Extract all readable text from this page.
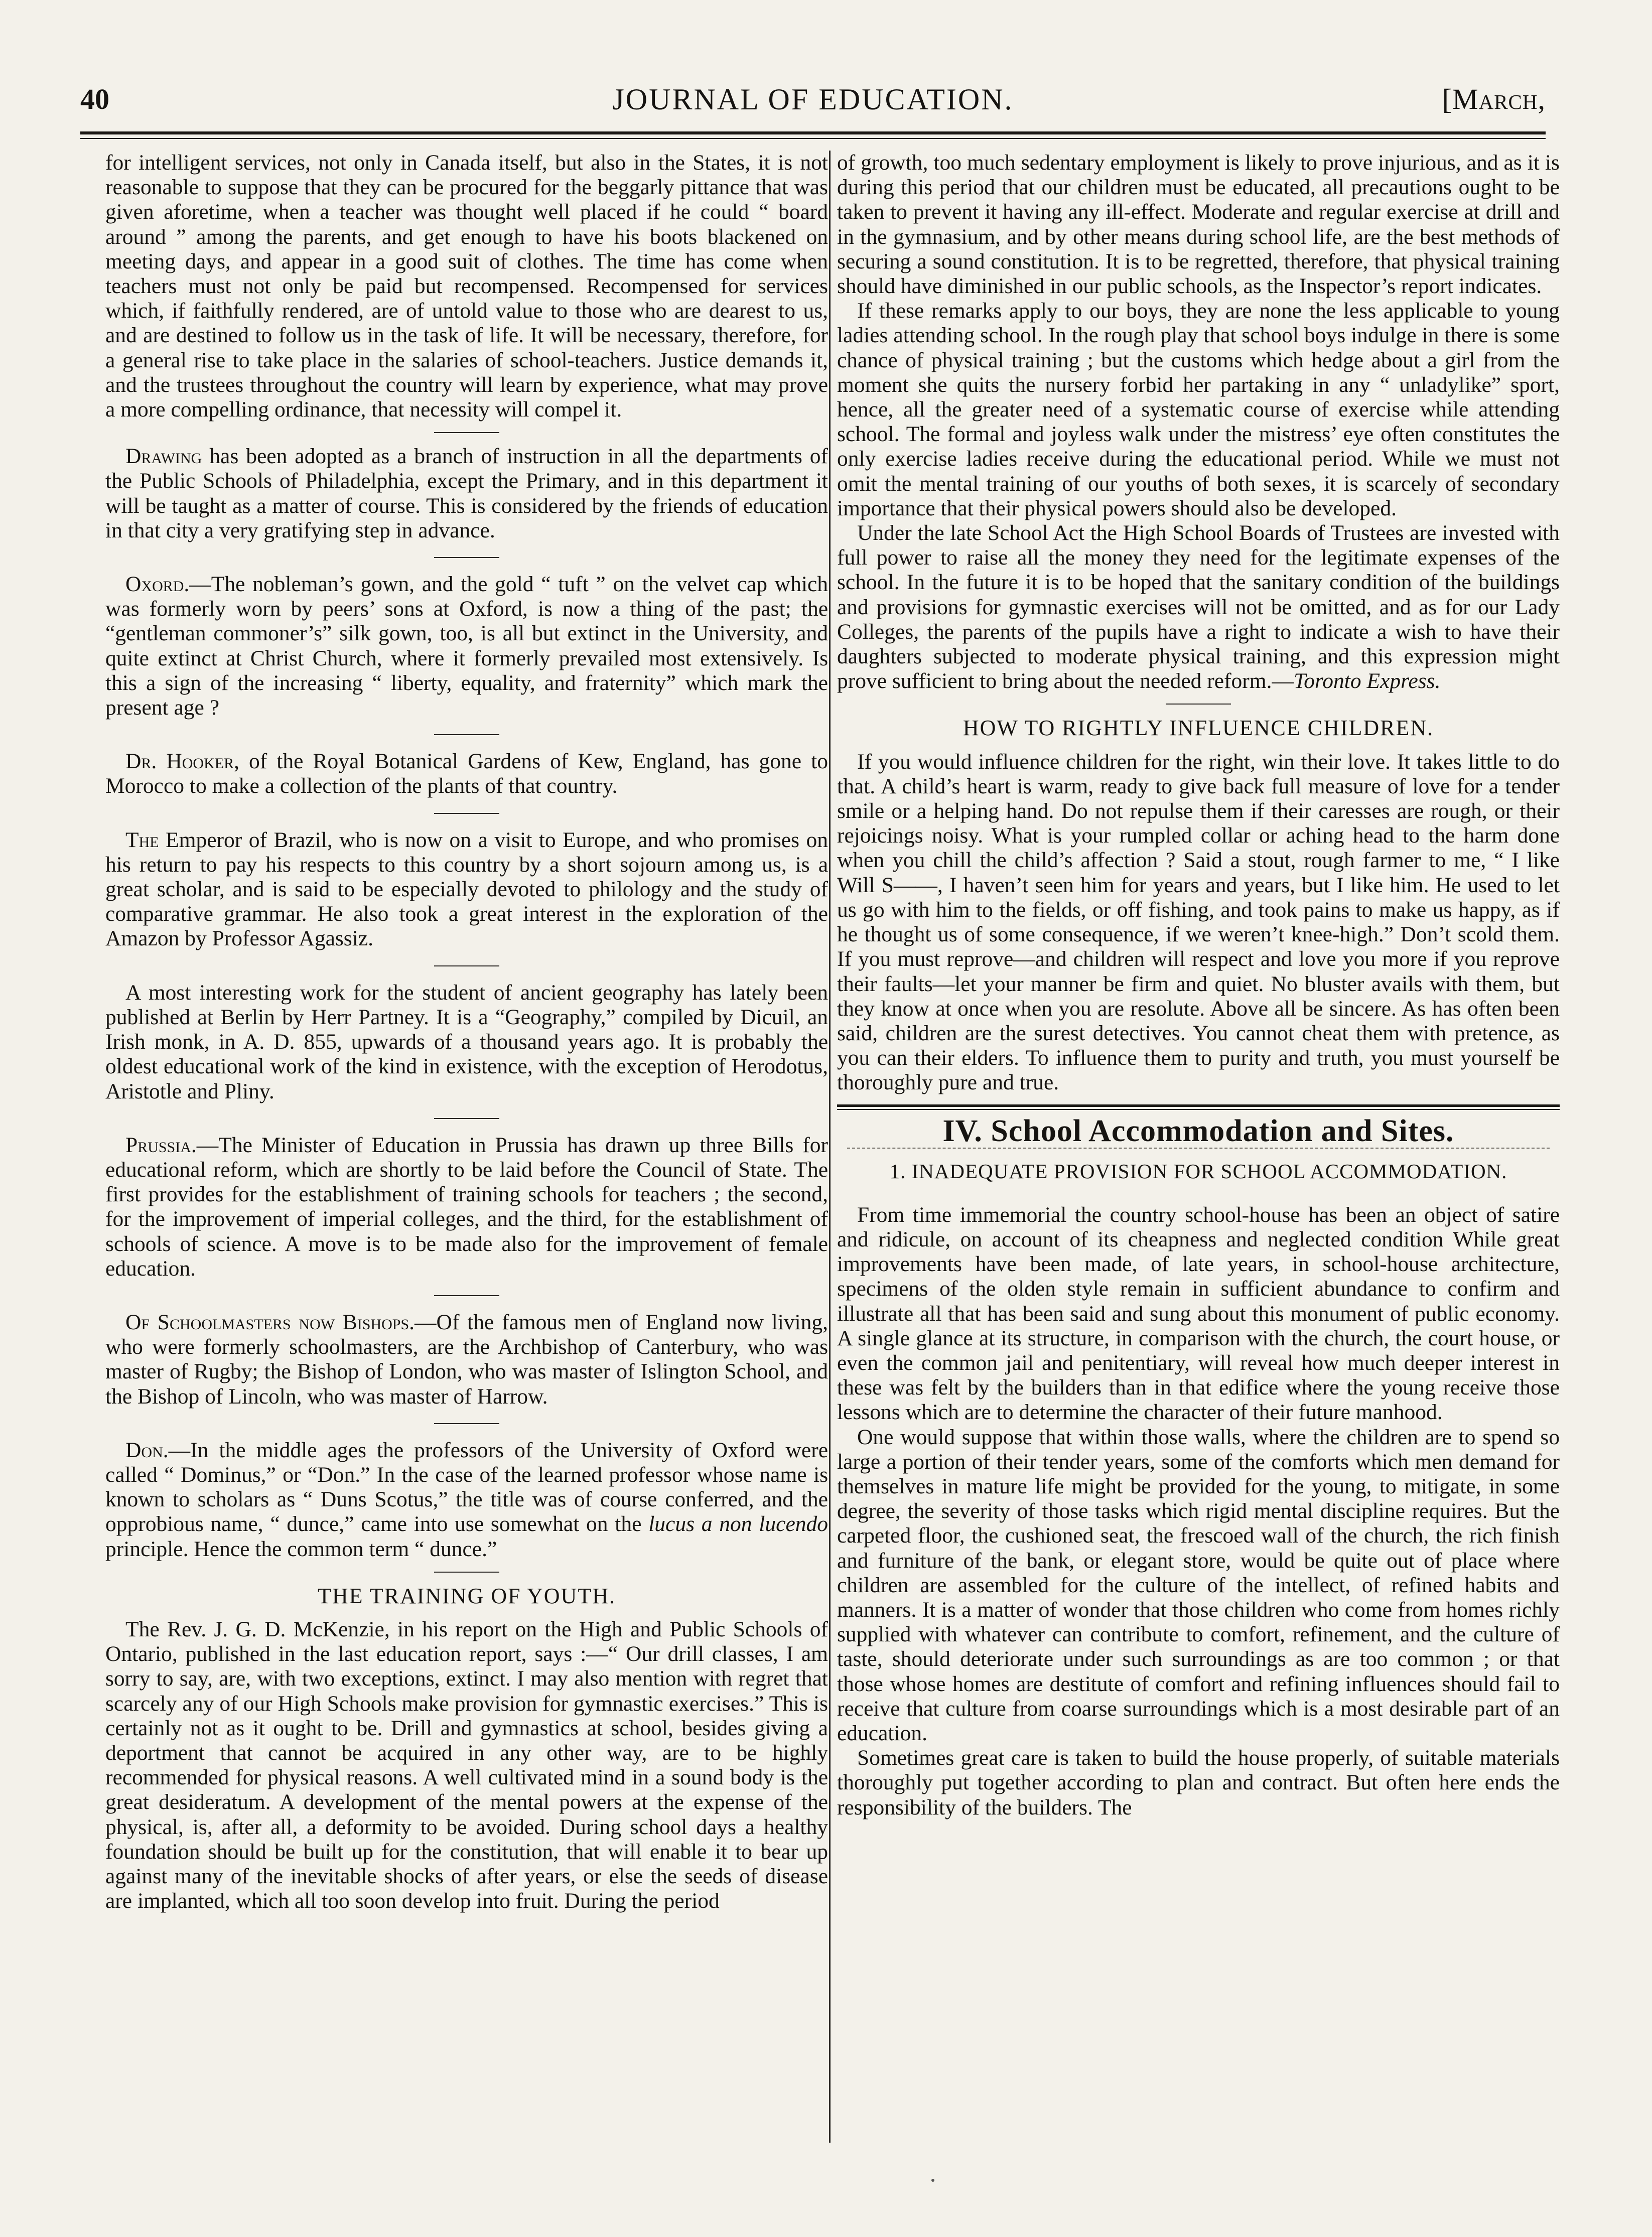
40	JOURNAL OF EDUCATION.	[March,

for intelligent services, not only in Canada itself, but also in the States, it is not reasonable to suppose that they can be procured for the beggarly pittance that was given aforetime, when a teacher was thought well placed if he could “ board around ” among the parents, and get enough to have his boots blackened on meeting days, and appear in a good suit of clothes. The time has come when teachers must not only be paid but recompensed. Recompensed for services which, if faithfully rendered, are of untold value to those who are dearest to us, and are destined to follow us in the task of life. It will be necessary, therefore, for a general rise to take place in the salaries of school-teachers. Justice demands it, and the trustees throughout the country will learn by experience, what may prove a more compelling ordinance, that necessity will compel it.

Drawing has been adopted as a branch of instruction in all the departments of the Public Schools of Philadelphia, except the Primary, and in this department it will be taught as a matter of course. This is considered by the friends of education in that city a very gratifying step in advance.

Oxord.—The nobleman’s gown, and the gold “ tuft ” on the velvet cap which was formerly worn by peers’ sons at Oxford, is now a thing of the past; the “gentleman commoner’s” silk gown, too, is all but extinct in the University, and quite extinct at Christ Church, where it formerly prevailed most extensively. Is this a sign of the increasing “ liberty, equality, and fraternity” which mark the present age ?

Dr. Hooker, of the Royal Botanical Gardens of Kew, England, has gone to Morocco to make a collection of the plants of that country.

The Emperor of Brazil, who is now on a visit to Europe, and who promises on his return to pay his respects to this country by a short sojourn among us, is a great scholar, and is said to be especially devoted to philology and the study of comparative grammar. He also took a great interest in the exploration of the Amazon by Professor Agassiz.

A most interesting work for the student of ancient geography has lately been published at Berlin by Herr Partney. It is a “Geography,” compiled by Dicuil, an Irish monk, in A. D. 855, upwards of a thousand years ago. It is probably the oldest educational work of the kind in existence, with the exception of Herodotus, Aristotle and Pliny.

Prussia.—The Minister of Education in Prussia has drawn up three Bills for educational reform, which are shortly to be laid before the Council of State. The first provides for the establishment of training schools for teachers ; the second, for the improvement of imperial colleges, and the third, for the establishment of schools of science. A move is to be made also for the improvement of female education.

Of Schoolmasters now Bishops.—Of the famous men of England now living, who were formerly schoolmasters, are the Archbishop of Canterbury, who was master of Rugby; the Bishop of London, who was master of Islington School, and the Bishop of Lincoln, who was master of Harrow.

Don.—In the middle ages the professors of the University of Oxford were called “ Dominus,” or “Don.” In the case of the learned professor whose name is known to scholars as “ Duns Scotus,” the title was of course conferred, and the opprobious name, “ dunce,” came into use somewhat on the lucus a non lucendo principle. Hence the common term “ dunce.”

THE TRAINING OF YOUTH.

The Rev. J. G. D. McKenzie, in his report on the High and Public Schools of Ontario, published in the last education report, says :—“ Our drill classes, I am sorry to say, are, with two exceptions, extinct. I may also mention with regret that scarcely any of our High Schools make provision for gymnastic exercises.” This is certainly not as it ought to be. Drill and gymnastics at school, besides giving a deportment that cannot be acquired in any other way, are to be highly recommended for physical reasons. A well cultivated mind in a sound body is the great desideratum. A development of the mental powers at the expense of the physical, is, after all, a deformity to be avoided. During school days a healthy foundation should be built up for the constitution, that will enable it to bear up against many of the inevitable shocks of after years, or else the seeds of disease are implanted, which all too soon develop into fruit. During the period

of growth, too much sedentary employment is likely to prove injurious, and as it is during this period that our children must be educated, all precautions ought to be taken to prevent it having any ill-effect. Moderate and regular exercise at drill and in the gymnasium, and by other means during school life, are the best methods of securing a sound constitution. It is to be regretted, therefore, that physical training should have diminished in our public schools, as the Inspector’s report indicates.

If these remarks apply to our boys, they are none the less applicable to young ladies attending school. In the rough play that school boys indulge in there is some chance of physical training ; but the customs which hedge about a girl from the moment she quits the nursery forbid her partaking in any “ unladylike” sport, hence, all the greater need of a systematic course of exercise while attending school. The formal and joyless walk under the mistress’ eye often constitutes the only exercise ladies receive during the educational period. While we must not omit the mental training of our youths of both sexes, it is scarcely of secondary importance that their physical powers should also be developed.

Under the late School Act the High School Boards of Trustees are invested with full power to raise all the money they need for the legitimate expenses of the school. In the future it is to be hoped that the sanitary condition of the buildings and provisions for gymnastic exercises will not be omitted, and as for our Lady Colleges, the parents of the pupils have a right to indicate a wish to have their daughters subjected to moderate physical training, and this expression might prove sufficient to bring about the needed reform.—Toronto Express.

HOW TO RIGHTLY INFLUENCE CHILDREN.

If you would influence children for the right, win their love. It takes little to do that. A child’s heart is warm, ready to give back full measure of love for a tender smile or a helping hand. Do not repulse them if their caresses are rough, or their rejoicings noisy. What is your rumpled collar or aching head to the harm done when you chill the child’s affection ? Said a stout, rough farmer to me, “ I like Will S——, I haven’t seen him for years and years, but I like him. He used to let us go with him to the fields, or off fishing, and took pains to make us happy, as if he thought us of some consequence, if we weren’t knee-high.” Don’t scold them. If you must reprove—and children will respect and love you more if you reprove their faults—let your manner be firm and quiet. No bluster avails with them, but they know at once when you are resolute. Above all be sincere. As has often been said, children are the surest detectives. You cannot cheat them with pretence, as you can their elders. To influence them to purity and truth, you must yourself be thoroughly pure and true.

IV. School Accommodation and Sites.
1. INADEQUATE PROVISION FOR SCHOOL ACCOMMODATION.

From time immemorial the country school-house has been an object of satire and ridicule, on account of its cheapness and neglected condition While great improvements have been made, of late years, in school-house architecture, specimens of the olden style remain in sufficient abundance to confirm and illustrate all that has been said and sung about this monument of public economy. A single glance at its structure, in comparison with the church, the court house, or even the common jail and penitentiary, will reveal how much deeper interest in these was felt by the builders than in that edifice where the young receive those lessons which are to determine the character of their future manhood.

One would suppose that within those walls, where the children are to spend so large a portion of their tender years, some of the comforts which men demand for themselves in mature life might be provided for the young, to mitigate, in some degree, the severity of those tasks which rigid mental discipline requires. But the carpeted floor, the cushioned seat, the frescoed wall of the church, the rich finish and furniture of the bank, or elegant store, would be quite out of place where children are assembled for the culture of the intellect, of refined habits and manners. It is a matter of wonder that those children who come from homes richly supplied with whatever can contribute to comfort, refinement, and the culture of taste, should deteriorate under such surroundings as are too common ; or that those whose homes are destitute of comfort and refining influences should fail to receive that culture from coarse surroundings which is a most desirable part of an education.

Sometimes great care is taken to build the house properly, of suitable materials thoroughly put together according to plan and contract. But often here ends the responsibility of the builders. The
